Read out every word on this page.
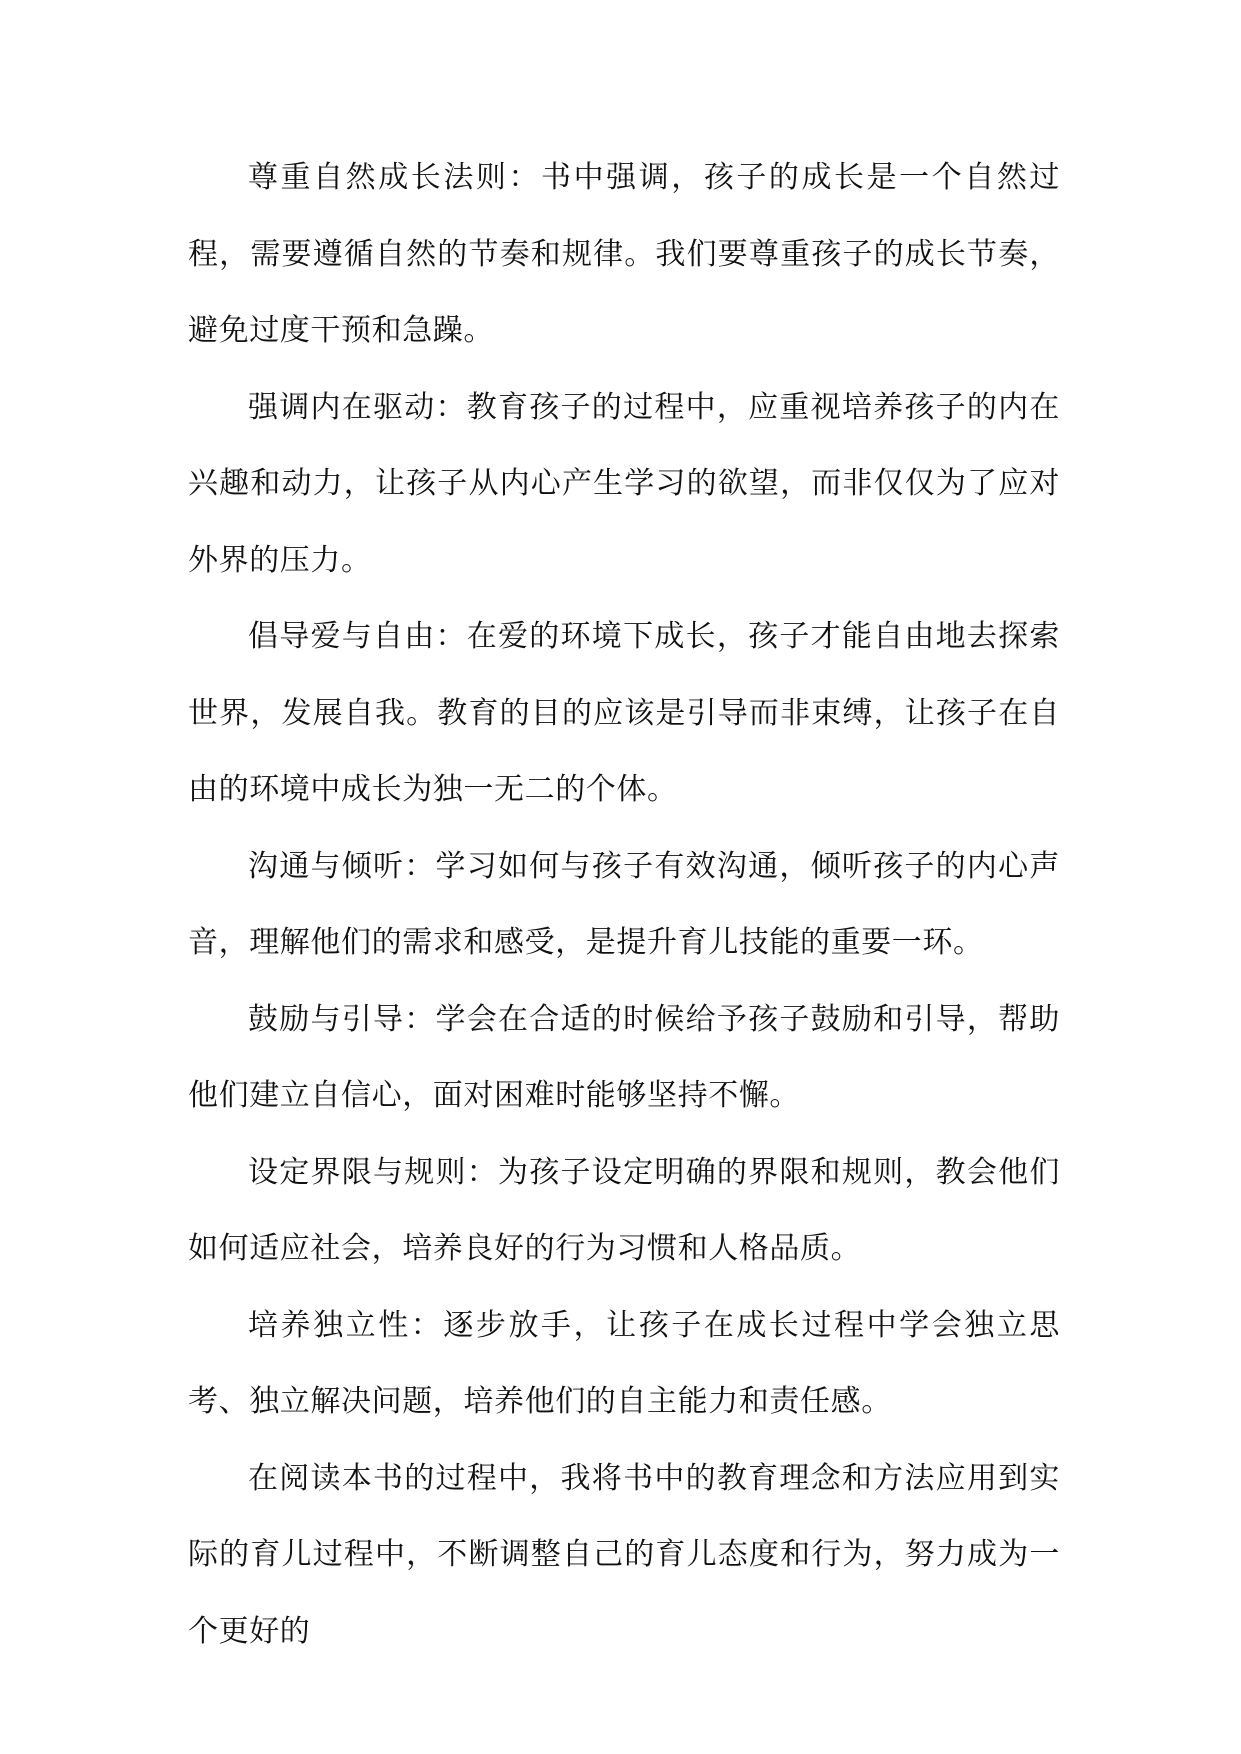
尊重自然成长法则：书中强调，孩子的成长是一个自然过程，需要遵循自然的节奏和规律。我们要尊重孩子的成长节奏，避免过度干预和急躁。

强调内在驱动：教育孩子的过程中，应重视培养孩子的内在兴趣和动力，让孩子从内心产生学习的欲望，而非仅仅为了应对外界的压力。

倡导爱与自由：在爱的环境下成长，孩子才能自由地去探索世界，发展自我。教育的目的应该是引导而非束缚，让孩子在自由的环境中成长为独一无二的个体。

沟通与倾听：学习如何与孩子有效沟通，倾听孩子的内心声音，理解他们的需求和感受，是提升育儿技能的重要一环。

鼓励与引导：学会在合适的时候给予孩子鼓励和引导，帮助他们建立自信心，面对困难时能够坚持不懈。

设定界限与规则：为孩子设定明确的界限和规则，教会他们如何适应社会，培养良好的行为习惯和人格品质。

培养独立性：逐步放手，让孩子在成长过程中学会独立思考、独立解决问题，培养他们的自主能力和责任感。

在阅读本书的过程中，我将书中的教育理念和方法应用到实际的育儿过程中，不断调整自己的育儿态度和行为，努力成为一个更好的
